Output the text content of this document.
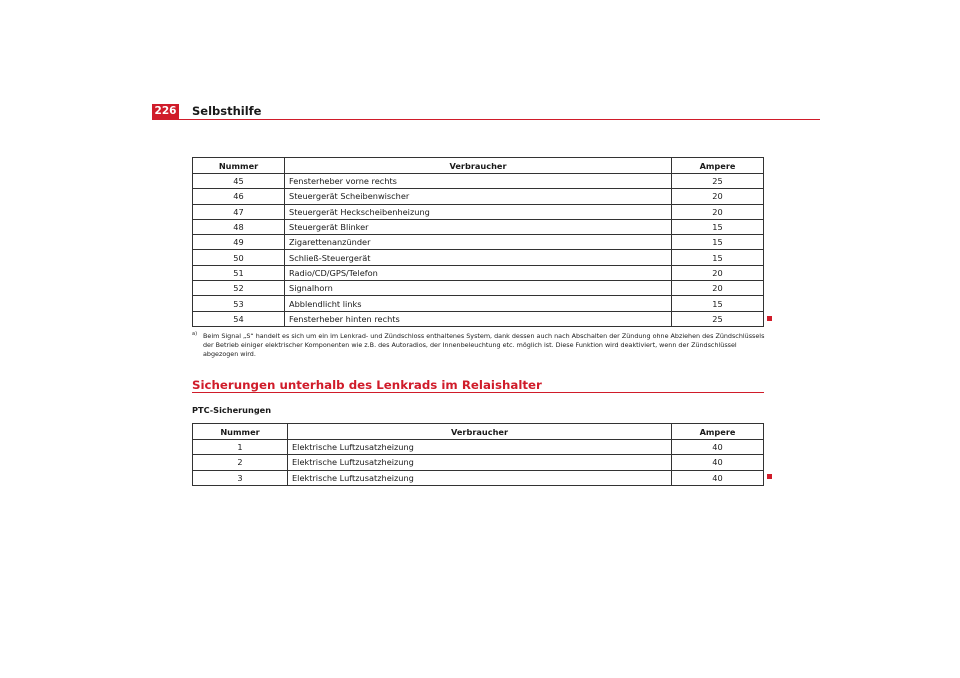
226 Selbsthilfe
Nummer	Verbraucher	Ampere
45	Fensterheber vorne rechts	25
46	Steuergerät Scheibenwischer	20
47	Steuergerät Heckscheibenheizung	20
48	Steuergerät Blinker	15
49	Zigarettenanzünder	15
50	Schließ-Steuergerät	15
51	Radio/CD/GPS/Telefon	20
52	Signalhorn	20
53	Abblendlicht links	15
54	Fensterheber hinten rechts	25
a) Beim Signal „S“ handelt es sich um ein im Lenkrad- und Zündschloss enthaltenes System, dank dessen auch nach Abschalten der Zündung ohne Abziehen des Zündschlüssels der Betrieb einiger elektrischer Komponenten wie z.B. des Autoradios, der Innenbeleuchtung etc. möglich ist. Diese Funktion wird deaktiviert, wenn der Zündschlüssel abgezogen wird.
Sicherungen unterhalb des Lenkrads im Relaishalter
PTC-Sicherungen
Nummer	Verbraucher	Ampere
1	Elektrische Luftzusatzheizung	40
2	Elektrische Luftzusatzheizung	40
3	Elektrische Luftzusatzheizung	40
